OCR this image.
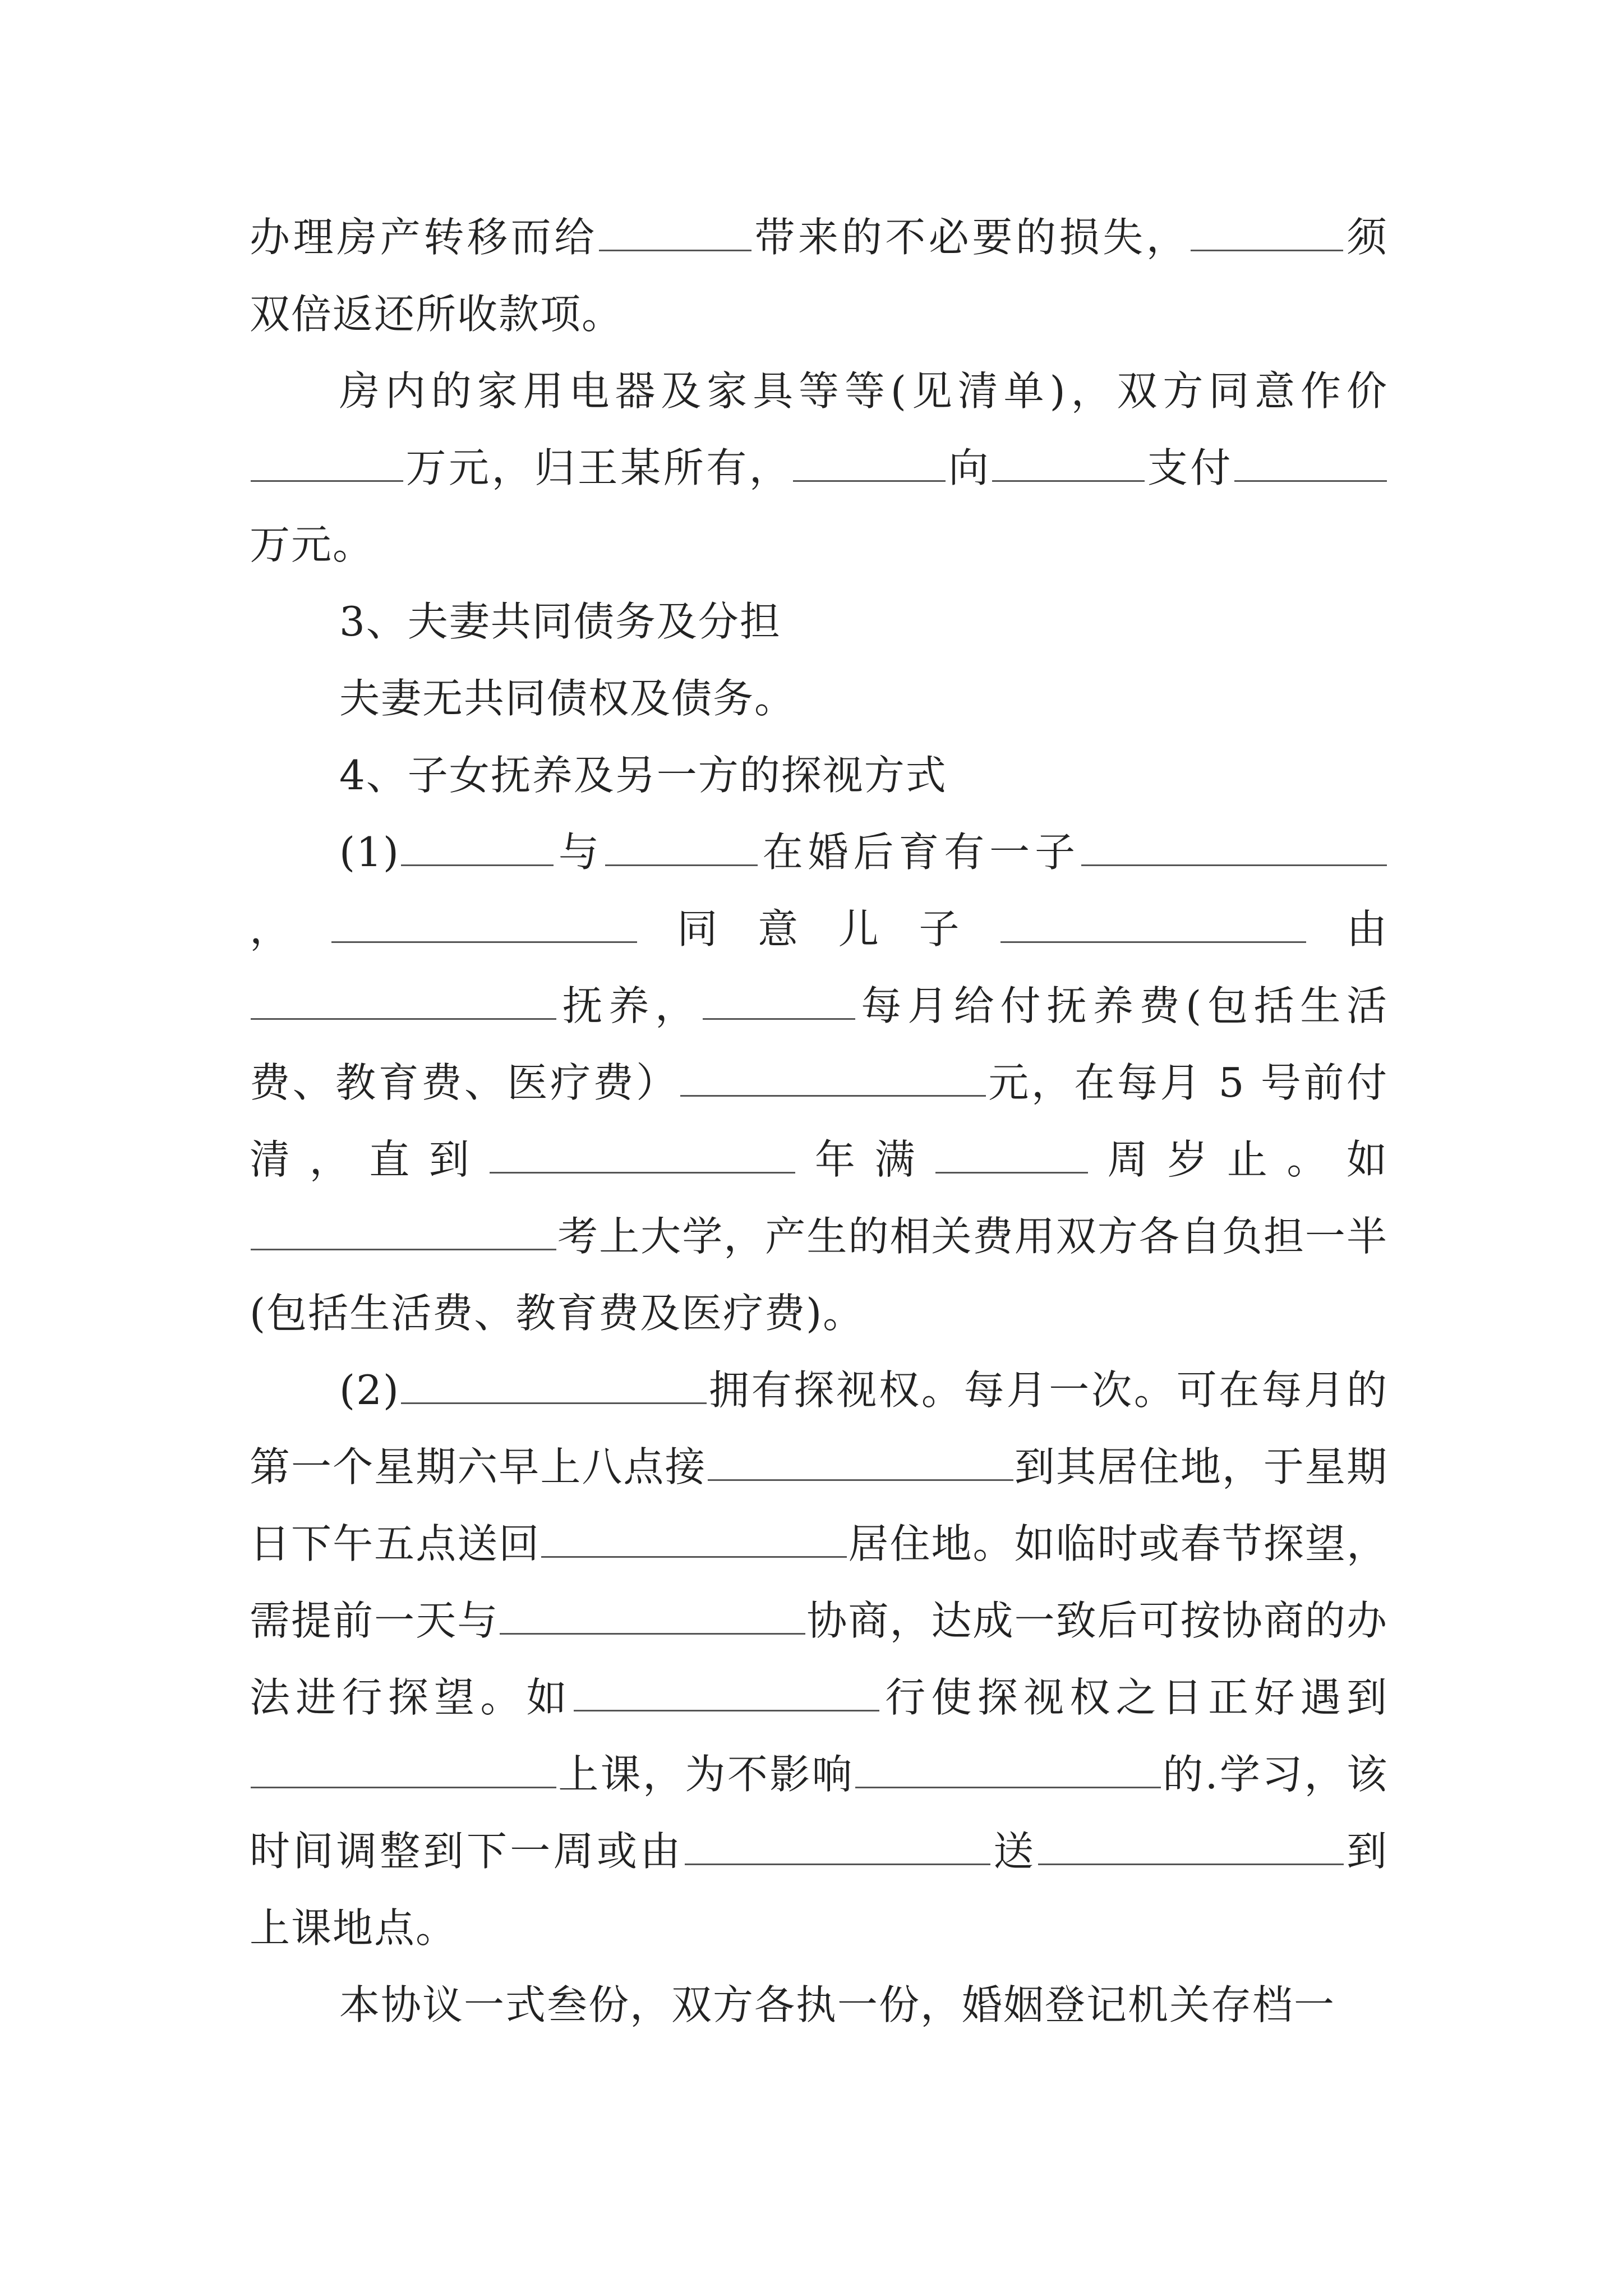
办理房产转移而给	带来的不必要的损失，	须双倍返还所收款项。

房内的家用电器及家具等等(见清单)，双方同意作价万元，归王某所有，	向	支付万元。

3、夫妻共同债务及分担

夫妻无共同债权及债务。

4、子女抚养及另一方的探视方式

(1)	与	在婚后育有一子，	同意儿子	由抚养，	每月给付抚养费(包括生活费、教育费、医疗费）	元，在每月 5 号前付清，直到	年满	周岁止。如考上大学，产生的相关费用双方各自负担一半(包括生活费、教育费及医疗费)。

(2)	拥有探视权。每月一次。可在每月的第一个星期六早上八点接	到其居住地，于星期日下午五点送回	居住地。如临时或春节探望，需提前一天与	协商，达成一致后可按协商的办法进行探望。如	行使探视权之日正好遇到上课，为不影响	的.学习，该时间调整到下一周或由	送	到上课地点。

本协议一式叁份，双方各执一份，婚姻登记机关存档一
